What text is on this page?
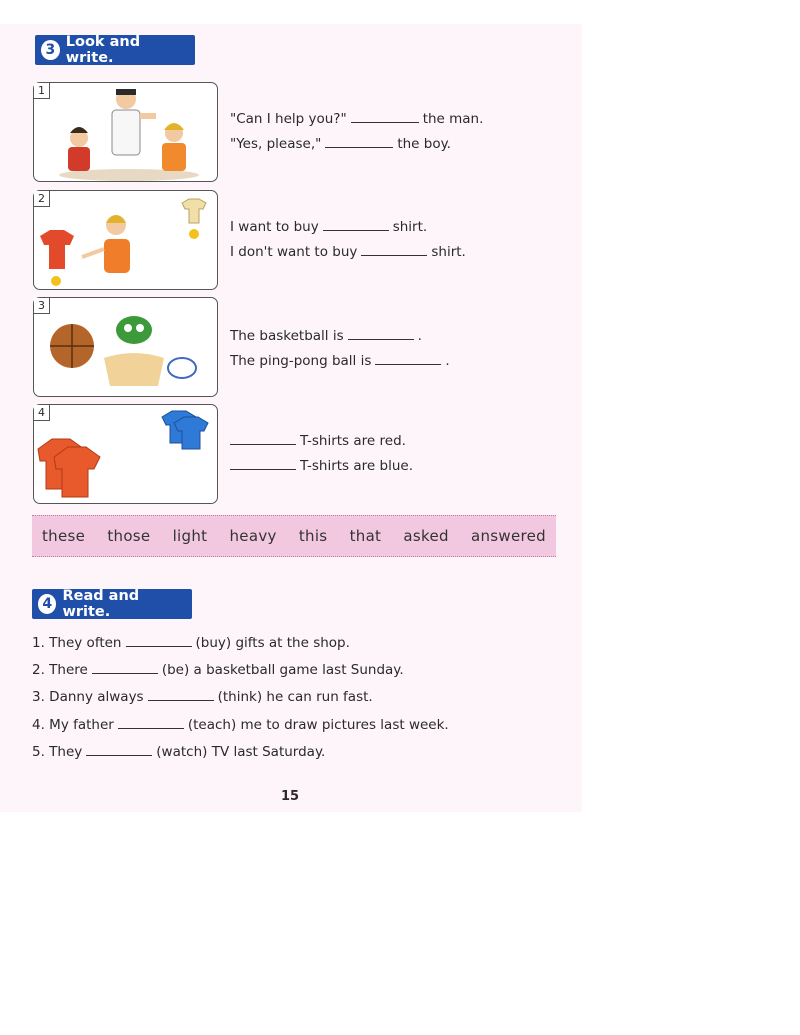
3 Look and write.
1
"Can I help you?"	the man.
"Yes, please,"	the boy.
2
I want to buy	shirt.
I don't want to buy	shirt.
3
The basketball is	.
The ping-pong ball is	.
4
T-shirts are red.
T-shirts are blue.
these those light heavy this that asked answered
4 Read and write.
1. They often	(buy) gifts at the shop.
2. There	(be) a basketball game last Sunday.
3. Danny always	(think) he can run fast.
4. My father	(teach) me to draw pictures last week.
5. They	(watch) TV last Saturday.
15
